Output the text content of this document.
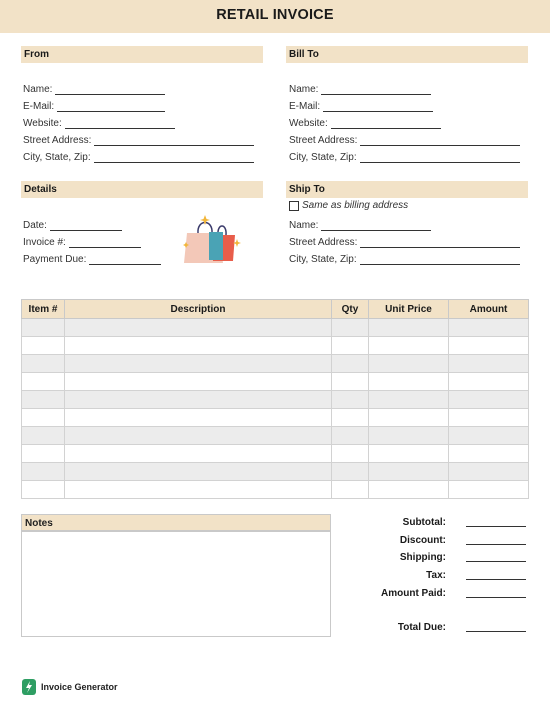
RETAIL INVOICE
From
Name:
E-Mail:
Website:
Street Address:
City, State, Zip:
Bill To
Name:
E-Mail:
Website:
Street Address:
City, State, Zip:
Details
Date:
Invoice #:
Payment Due:
Ship To
Same as billing address
Name:
Street Address:
City, State, Zip:
Item #	Description	Qty	Unit Price	Amount

Notes	Subtotal:
Discount:
Shipping:
Tax:
Amount Paid:
Total Due:
Invoice Generator
